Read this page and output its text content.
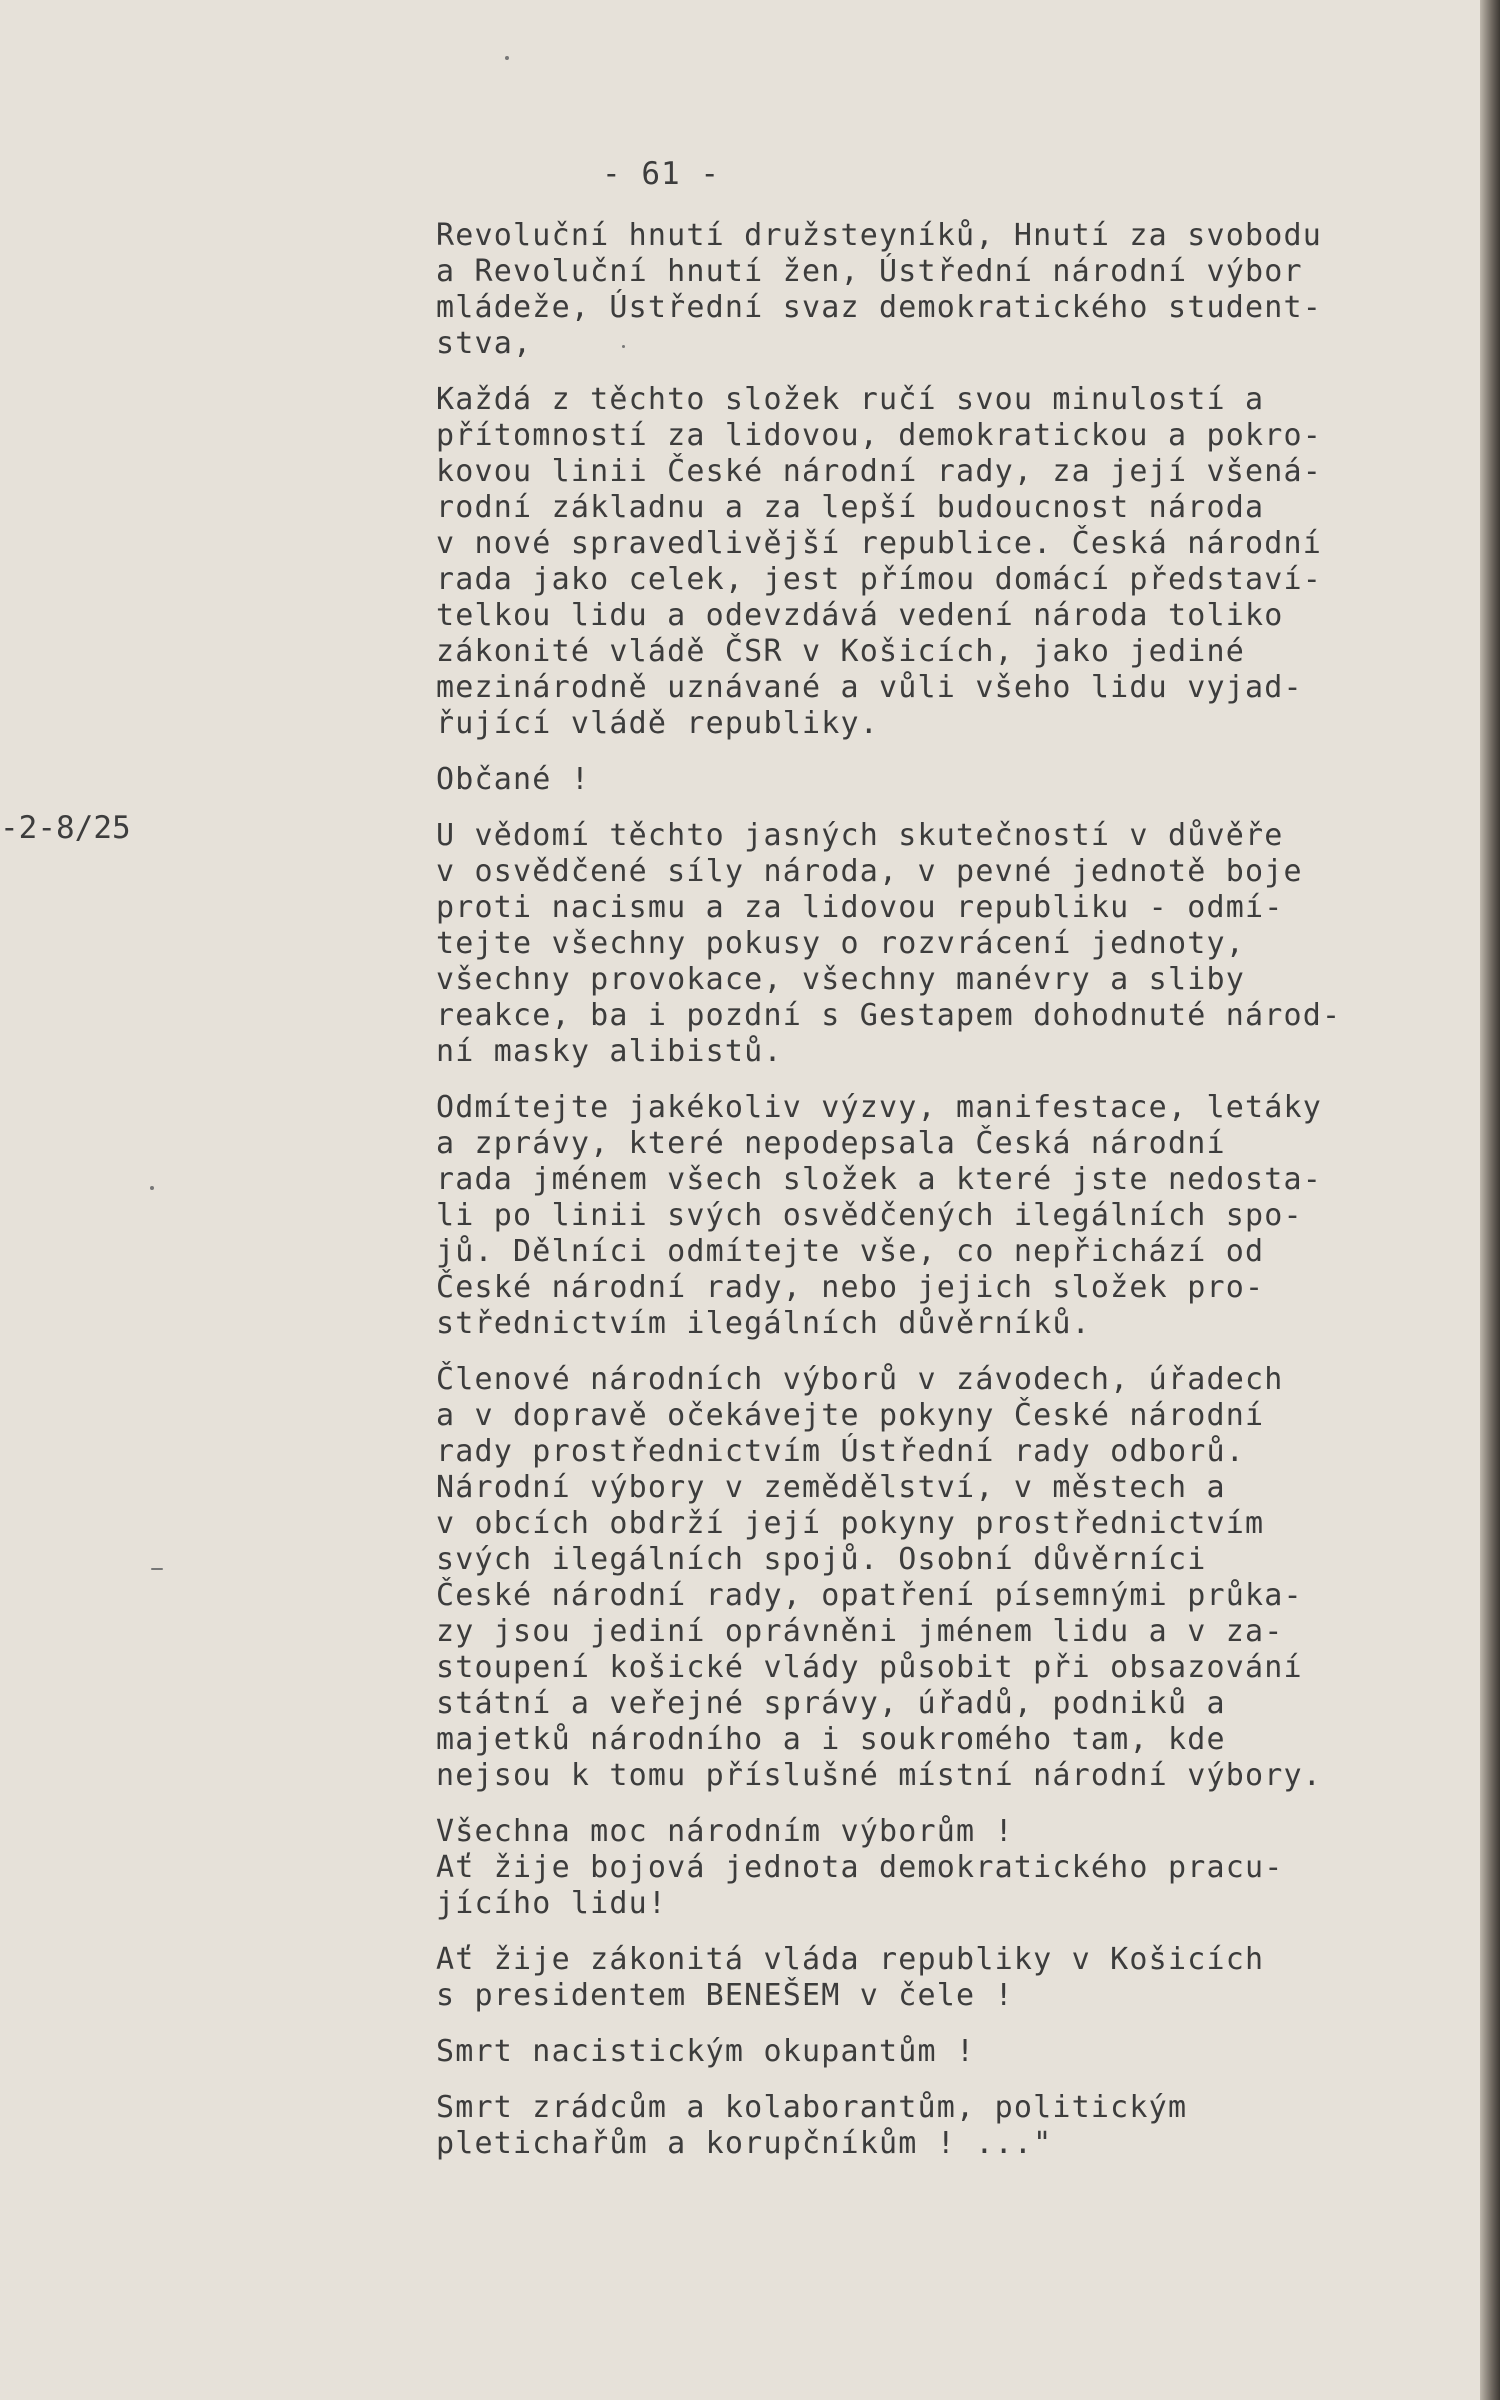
- 61 -
-2-8/25
Revoluční hnutí družsteyníků, Hnutí za svobodu
a Revoluční hnutí žen, Ústřední národní výbor
mládeže, Ústřední svaz demokratického student-
stva,
Každá z těchto složek ručí svou minulostí a
přítomností za lidovou, demokratickou a pokro-
kovou linii České národní rady, za její všená-
rodní základnu a za lepší budoucnost národa
v nové spravedlivější republice. Česká národní
rada jako celek, jest přímou domácí představí-
telkou lidu a odevzdává vedení národa toliko
zákonité vládě ČSR v Košicích, jako jediné
mezinárodně uznávané a vůli všeho lidu vyjad-
řující vládě republiky.
Občané !
U vědomí těchto jasných skutečností v důvěře
v osvědčené síly národa, v pevné jednotě boje
proti nacismu a za lidovou republiku - odmí-
tejte všechny pokusy o rozvrácení jednoty,
všechny provokace, všechny manévry a sliby
reakce, ba i pozdní s Gestapem dohodnuté národ-
ní masky alibistů.
Odmítejte jakékoliv výzvy, manifestace, letáky
a zprávy, které nepodepsala Česká národní
rada jménem všech složek a které jste nedosta-
li po linii svých osvědčených ilegálních spo-
jů. Dělníci odmítejte vše, co nepřichází od
České národní rady, nebo jejich složek pro-
střednictvím ilegálních důvěrníků.
Členové národních výborů v závodech, úřadech
a v dopravě očekávejte pokyny České národní
rady prostřednictvím Ústřední rady odborů.
Národní výbory v zemědělství, v městech a
v obcích obdrží její pokyny prostřednictvím
svých ilegálních spojů. Osobní důvěrníci
České národní rady, opatření písemnými průka-
zy jsou jediní oprávněni jménem lidu a v za-
stoupení košické vlády působit při obsazování
státní a veřejné správy, úřadů, podniků a
majetků národního a i soukromého tam, kde
nejsou k tomu příslušné místní národní výbory.
Všechna moc národním výborům !
Ať žije bojová jednota demokratického pracu-
jícího lidu!
Ať žije zákonitá vláda republiky v Košicích
s presidentem BENEŠEM v čele !
Smrt nacistickým okupantům !
Smrt zrádcům a kolaborantům, politickým
pletichařům a korupčníkům ! ..."
